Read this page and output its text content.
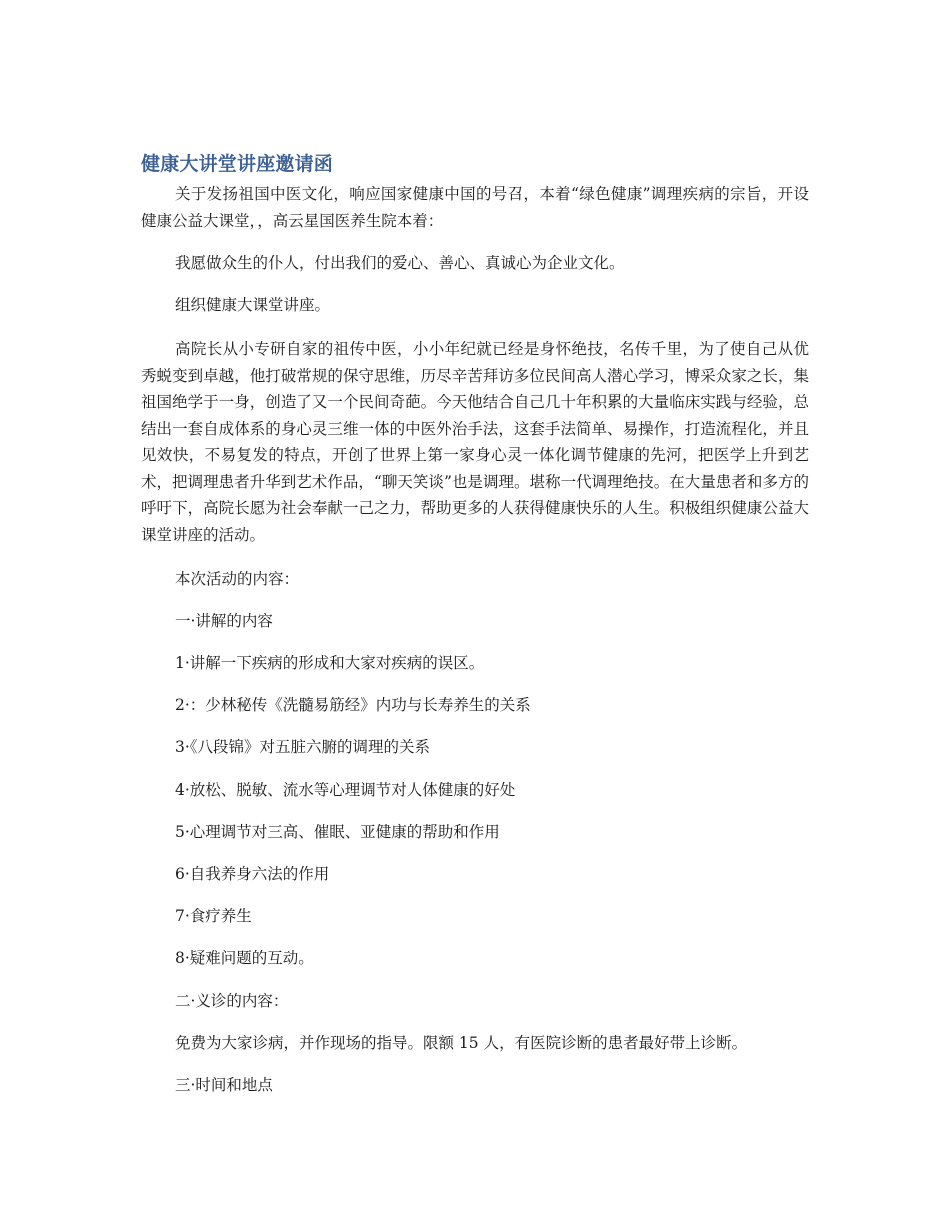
健康大讲堂讲座邀请函

关于发扬祖国中医文化，响应国家健康中国的号召，本着“绿色健康”调理疾病的宗旨，开设健康公益大课堂，，高云星国医养生院本着：

我愿做众生的仆人，付出我们的爱心、善心、真诚心为企业文化。

组织健康大课堂讲座。

高院长从小专研自家的祖传中医，小小年纪就已经是身怀绝技，名传千里，为了使自己从优秀蜕变到卓越，他打破常规的保守思维，历尽辛苦拜访多位民间高人潜心学习，博采众家之长，集祖国绝学于一身，创造了又一个民间奇葩。今天他结合自己几十年积累的大量临床实践与经验，总结出一套自成体系的身心灵三维一体的中医外治手法，这套手法简单、易操作，打造流程化，并且见效快，不易复发的特点，开创了世界上第一家身心灵一体化调节健康的先河，把医学上升到艺术，把调理患者升华到艺术作品，“聊天笑谈”也是调理。堪称一代调理绝技。在大量患者和多方的呼吁下，高院长愿为社会奉献一己之力，帮助更多的人获得健康快乐的人生。积极组织健康公益大课堂讲座的活动。

本次活动的内容：

一·讲解的内容

1·讲解一下疾病的形成和大家对疾病的误区。

2·：少林秘传《洗髓易筋经》内功与长寿养生的关系

3·《八段锦》对五脏六腑的调理的关系

4·放松、脱敏、流水等心理调节对人体健康的好处

5·心理调节对三高、催眠、亚健康的帮助和作用

6·自我养身六法的作用

7·食疗养生

8·疑难问题的互动。

二·义诊的内容：

免费为大家诊病，并作现场的指导。限额 15 人，有医院诊断的患者最好带上诊断。

三·时间和地点
